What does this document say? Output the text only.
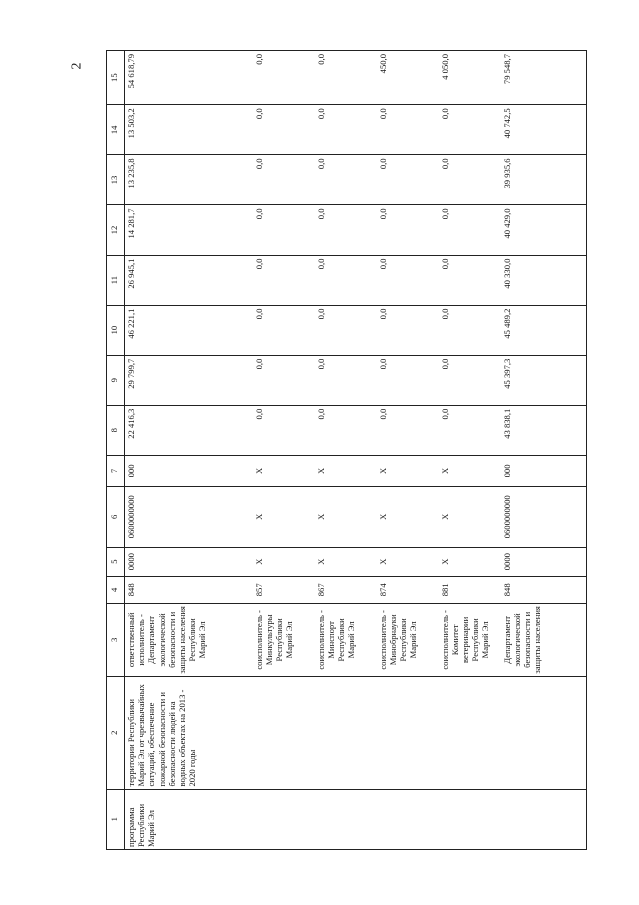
2
1	2	3	4	5	6	7	8	9	10	11	12	13	14	15
программа Республики Марий Эл	территории Республики Марий Эл от чрезвычайных ситуаций, обеспечение пожарной безопасности и безопасности людей на водных объектах на 2013 - 2020 годы	ответственный исполнитель - Департамент экологической безопасности и защиты населения Республики Марий Эл	848	0000	0600000000	000	22 416,3	29 799,7	46 221,1	26 945,1	14 281,7	13 235,8	13 503,2	54 618,79
		соисполнитель - Минкультуры Республики Марий Эл	857	Х	Х	Х	0,0	0,0	0,0	0,0	0,0	0,0	0,0	0,0
		соисполнитель - Минспорт Республики Марий Эл	867	Х	Х	Х	0,0	0,0	0,0	0,0	0,0	0,0	0,0	0,0
		соисполнитель - Минобрнауки Республики Марий Эл	874	Х	Х	Х	0,0	0,0	0,0	0,0	0,0	0,0	0,0	450,0
		соисполнитель - Комитет ветеринарии Республики Марий Эл	881	Х	Х	Х	0,0	0,0	0,0	0,0	0,0	0,0	0,0	4 050,0
		Департамент экологической безопасности и защиты населения	848	0000	0600000000	000	43 838,1	45 397,3	45 489,2	40 330,0	40 429,0	39 935,6	40 742,5	79 548,7
